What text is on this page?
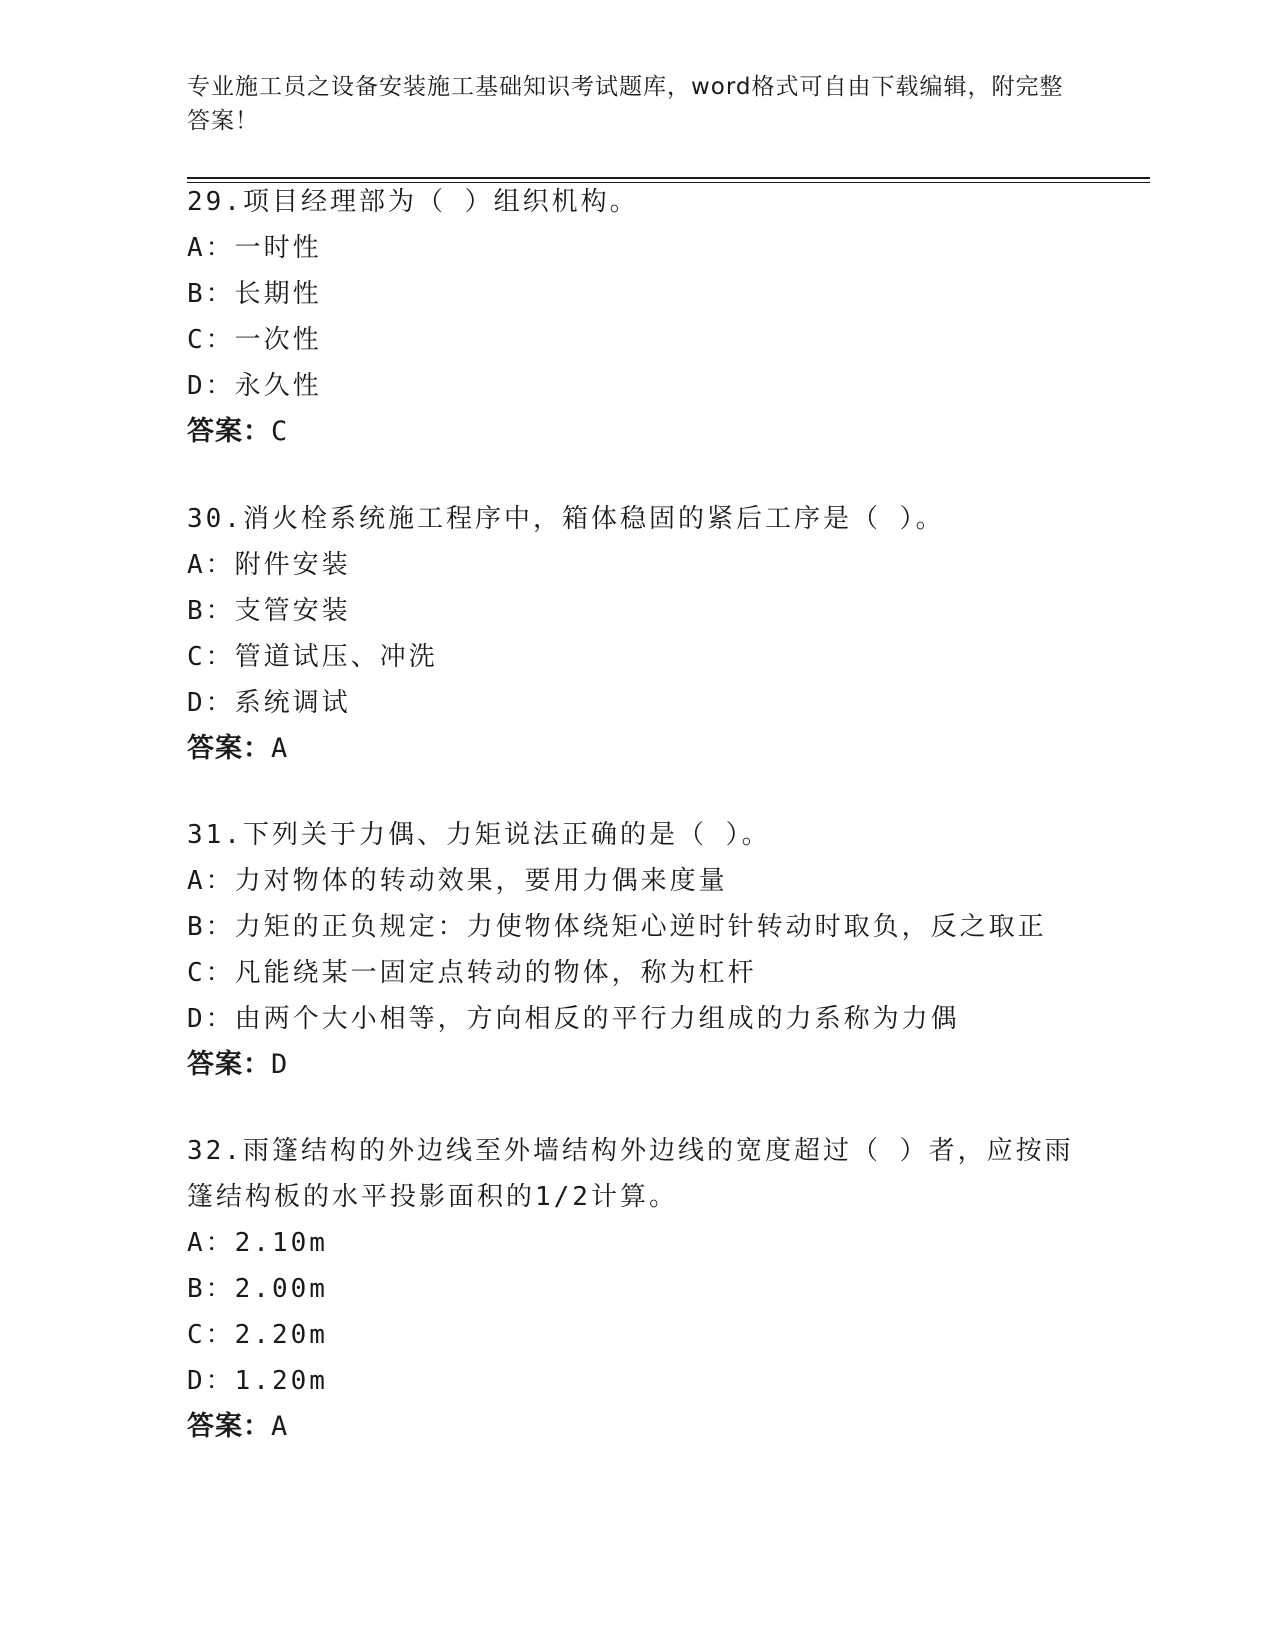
专业施工员之设备安装施工基础知识考试题库，word格式可自由下载编辑，附完整答案！
29.项目经理部为（ ）组织机构。
A：一时性
B：长期性
C：一次性
D：永久性
答案：C
30.消火栓系统施工程序中，箱体稳固的紧后工序是（ ）。
A：附件安装
B：支管安装
C：管道试压、冲洗
D：系统调试
答案：A
31.下列关于力偶、力矩说法正确的是（ ）。
A：力对物体的转动效果，要用力偶来度量
B：力矩的正负规定：力使物体绕矩心逆时针转动时取负，反之取正
C：凡能绕某一固定点转动的物体，称为杠杆
D：由两个大小相等，方向相反的平行力组成的力系称为力偶
答案：D
32.雨篷结构的外边线至外墙结构外边线的宽度超过（ ）者，应按雨
篷结构板的水平投影面积的1/2计算。
A：2.10m
B：2.00m
C：2.20m
D：1.20m
答案：A
